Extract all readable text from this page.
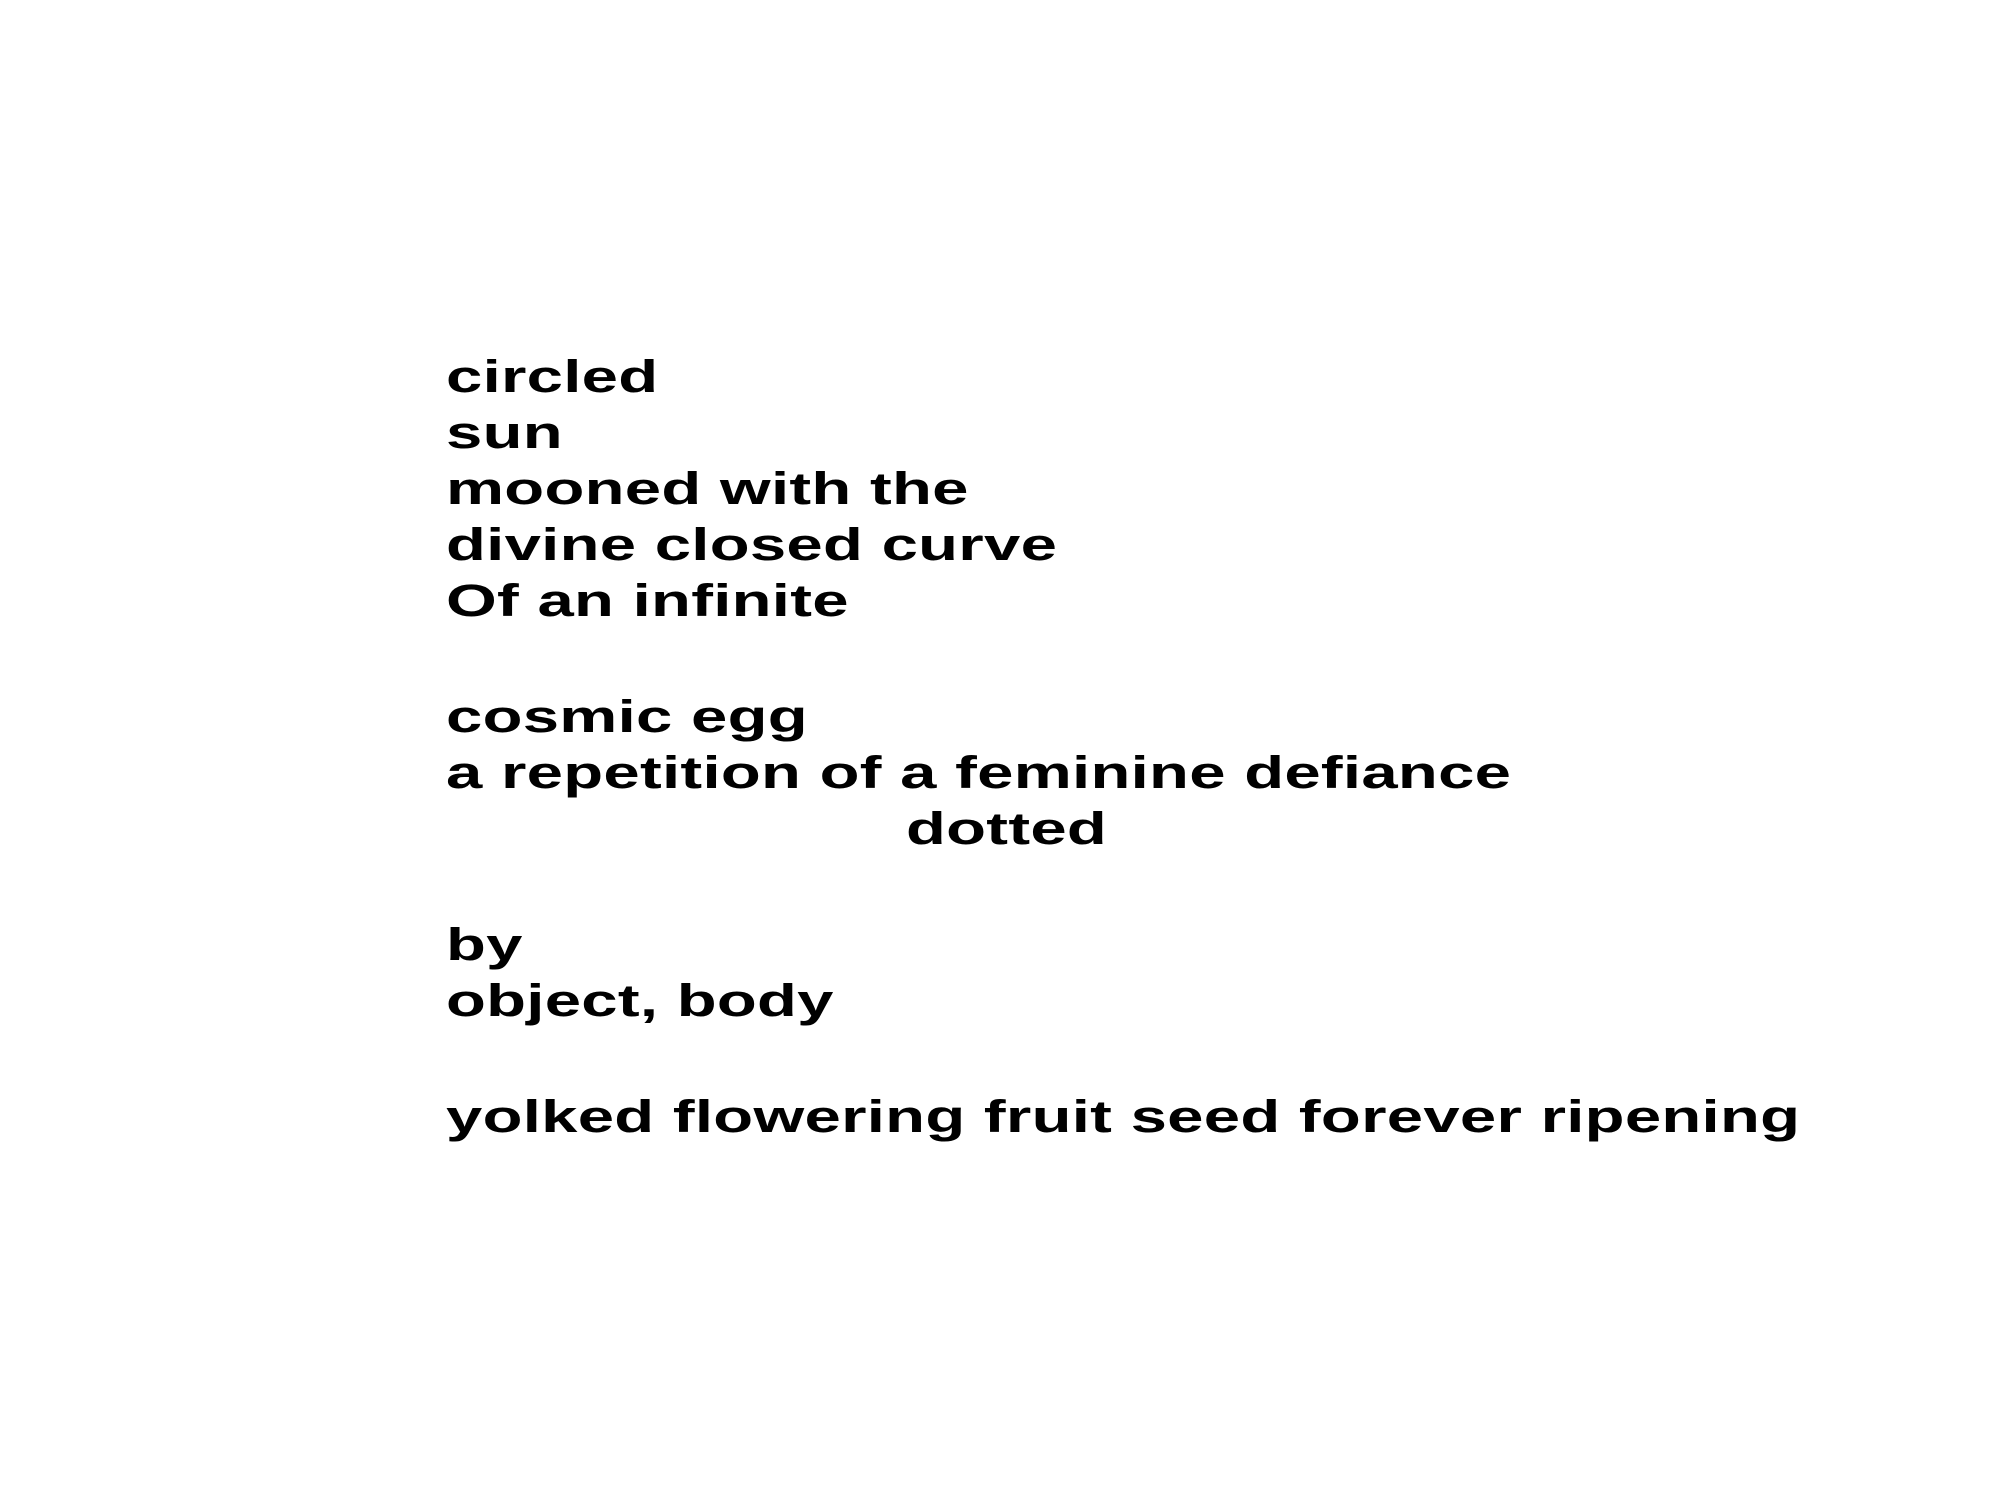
circled
sun
mooned with the
divine closed curve
Of an infinite
cosmic egg
a repetition of a feminine defiance
dotted
by
object, body
yolked flowering fruit seed forever ripening
